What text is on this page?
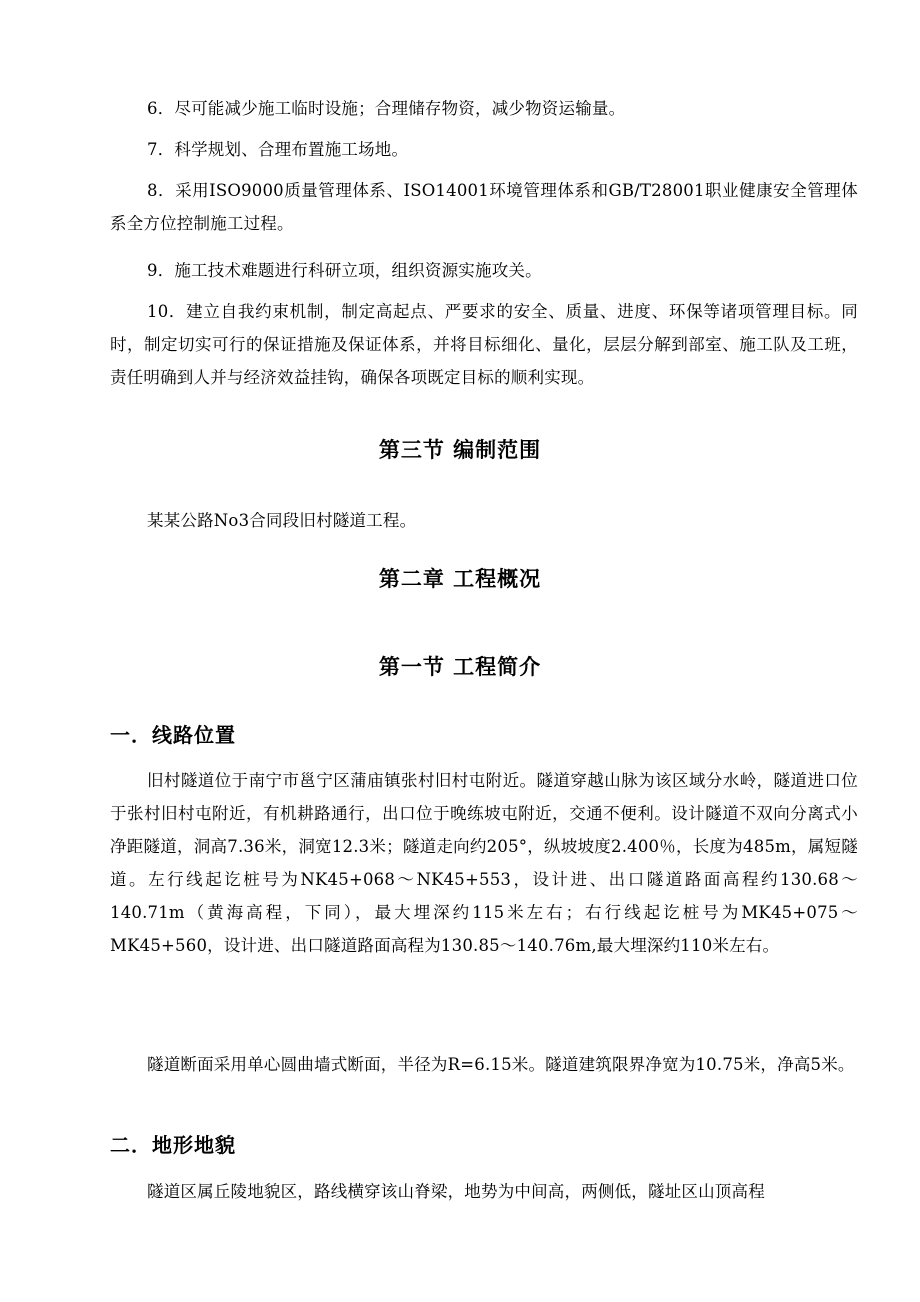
6．尽可能减少施工临时设施；合理储存物资，减少物资运输量。

7．科学规划、合理布置施工场地。

8．采用ISO9000质量管理体系、ISO14001环境管理体系和GB/T28001职业健康安全管理体系全方位控制施工过程。

9．施工技术难题进行科研立项，组织资源实施攻关。

10．建立自我约束机制，制定高起点、严要求的安全、质量、进度、环保等诸项管理目标。同时，制定切实可行的保证措施及保证体系，并将目标细化、量化，层层分解到部室、施工队及工班，责任明确到人并与经济效益挂钩，确保各项既定目标的顺利实现。

第三节 编制范围

某某公路No3合同段旧村隧道工程。

第二章 工程概况
第一节 工程简介
一．线路位置

旧村隧道位于南宁市邕宁区蒲庙镇张村旧村屯附近。隧道穿越山脉为该区域分水岭，隧道进口位于张村旧村屯附近，有机耕路通行，出口位于晚练坡屯附近，交通不便利。设计隧道不双向分离式小净距隧道，洞高7.36米，洞宽12.3米；隧道走向约205°，纵坡坡度2.400％，长度为485m，属短隧道。左行线起讫桩号为NK45+068～NK45+553，设计进、出口隧道路面高程约130.68～140.71m（黄海高程，下同），最大埋深约115米左右；右行线起讫桩号为MK45+075～MK45+560，设计进、出口隧道路面高程为130.85～140.76m,最大埋深约110米左右。

隧道断面采用单心圆曲墙式断面，半径为R=6.15米。隧道建筑限界净宽为10.75米，净高5米。

二．地形地貌

隧道区属丘陵地貌区，路线横穿该山脊梁，地势为中间高，两侧低，隧址区山顶高程
